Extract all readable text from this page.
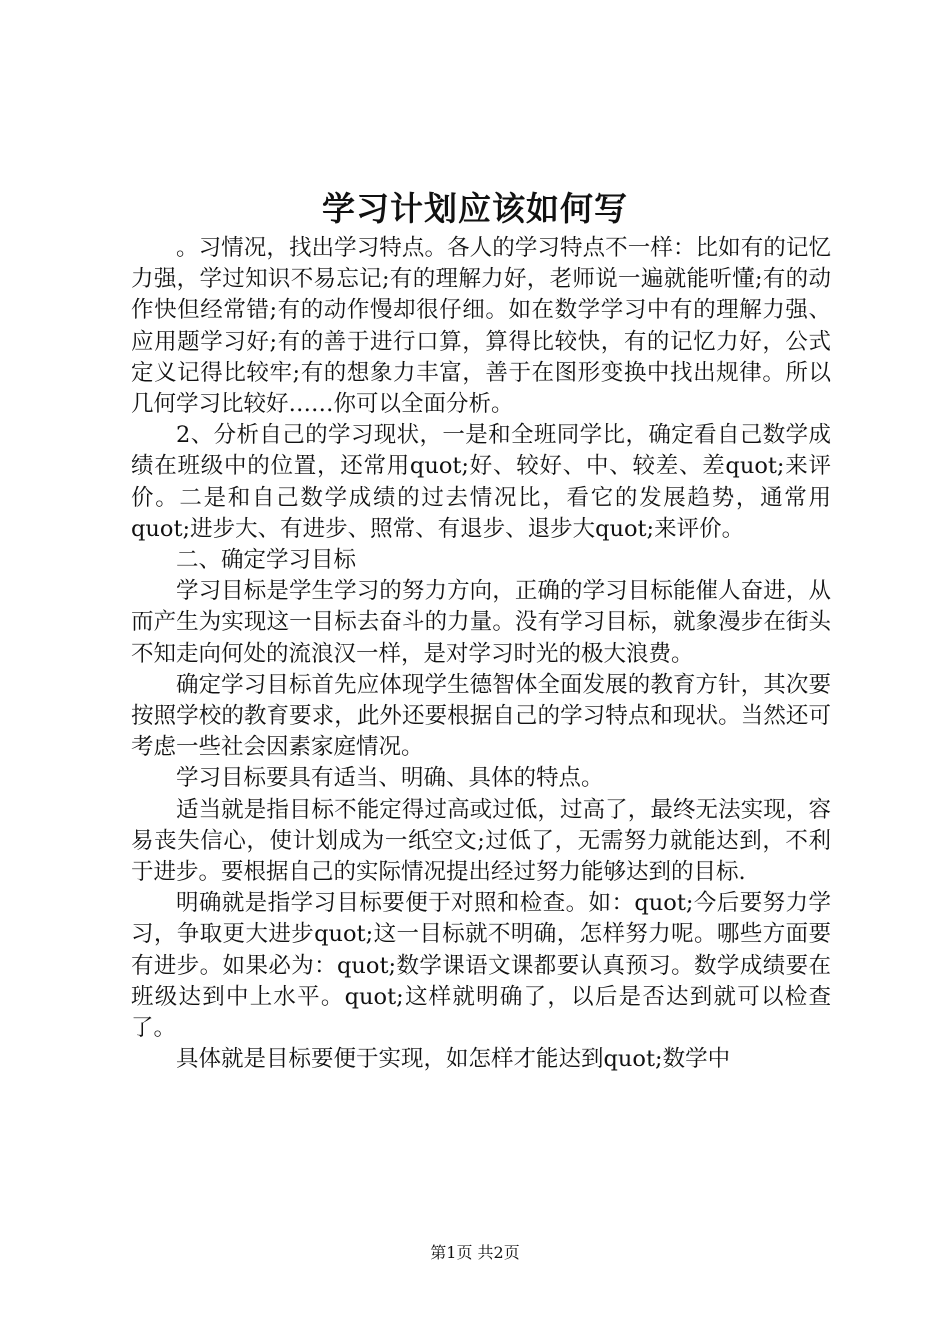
学习计划应该如何写

。习情况，找出学习特点。各人的学习特点不一样：比如有的记忆力强，学过知识不易忘记;有的理解力好，老师说一遍就能听懂;有的动作快但经常错;有的动作慢却很仔细。如在数学学习中有的理解力强、应用题学习好;有的善于进行口算，算得比较快，有的记忆力好，公式定义记得比较牢;有的想象力丰富，善于在图形变换中找出规律。所以几何学习比较好……你可以全面分析。

2、分析自己的学习现状，一是和全班同学比，确定看自己数学成绩在班级中的位置，还常用quot;好、较好、中、较差、差quot;来评价。二是和自己数学成绩的过去情况比，看它的发展趋势，通常用quot;进步大、有进步、照常、有退步、退步大quot;来评价。

二、确定学习目标

学习目标是学生学习的努力方向，正确的学习目标能催人奋进，从而产生为实现这一目标去奋斗的力量。没有学习目标，就象漫步在街头不知走向何处的流浪汉一样，是对学习时光的极大浪费。

确定学习目标首先应体现学生德智体全面发展的教育方针，其次要按照学校的教育要求，此外还要根据自己的学习特点和现状。当然还可考虑一些社会因素家庭情况。

学习目标要具有适当、明确、具体的特点。

适当就是指目标不能定得过高或过低，过高了，最终无法实现，容易丧失信心，使计划成为一纸空文;过低了，无需努力就能达到，不利于进步。要根据自己的实际情况提出经过努力能够达到的目标.

明确就是指学习目标要便于对照和检查。如：quot;今后要努力学习，争取更大进步quot;这一目标就不明确，怎样努力呢。哪些方面要有进步。如果必为：quot;数学课语文课都要认真预习。数学成绩要在班级达到中上水平。quot;这样就明确了，以后是否达到就可以检查了。

具体就是目标要便于实现，如怎样才能达到quot;数学中

第1页 共2页
